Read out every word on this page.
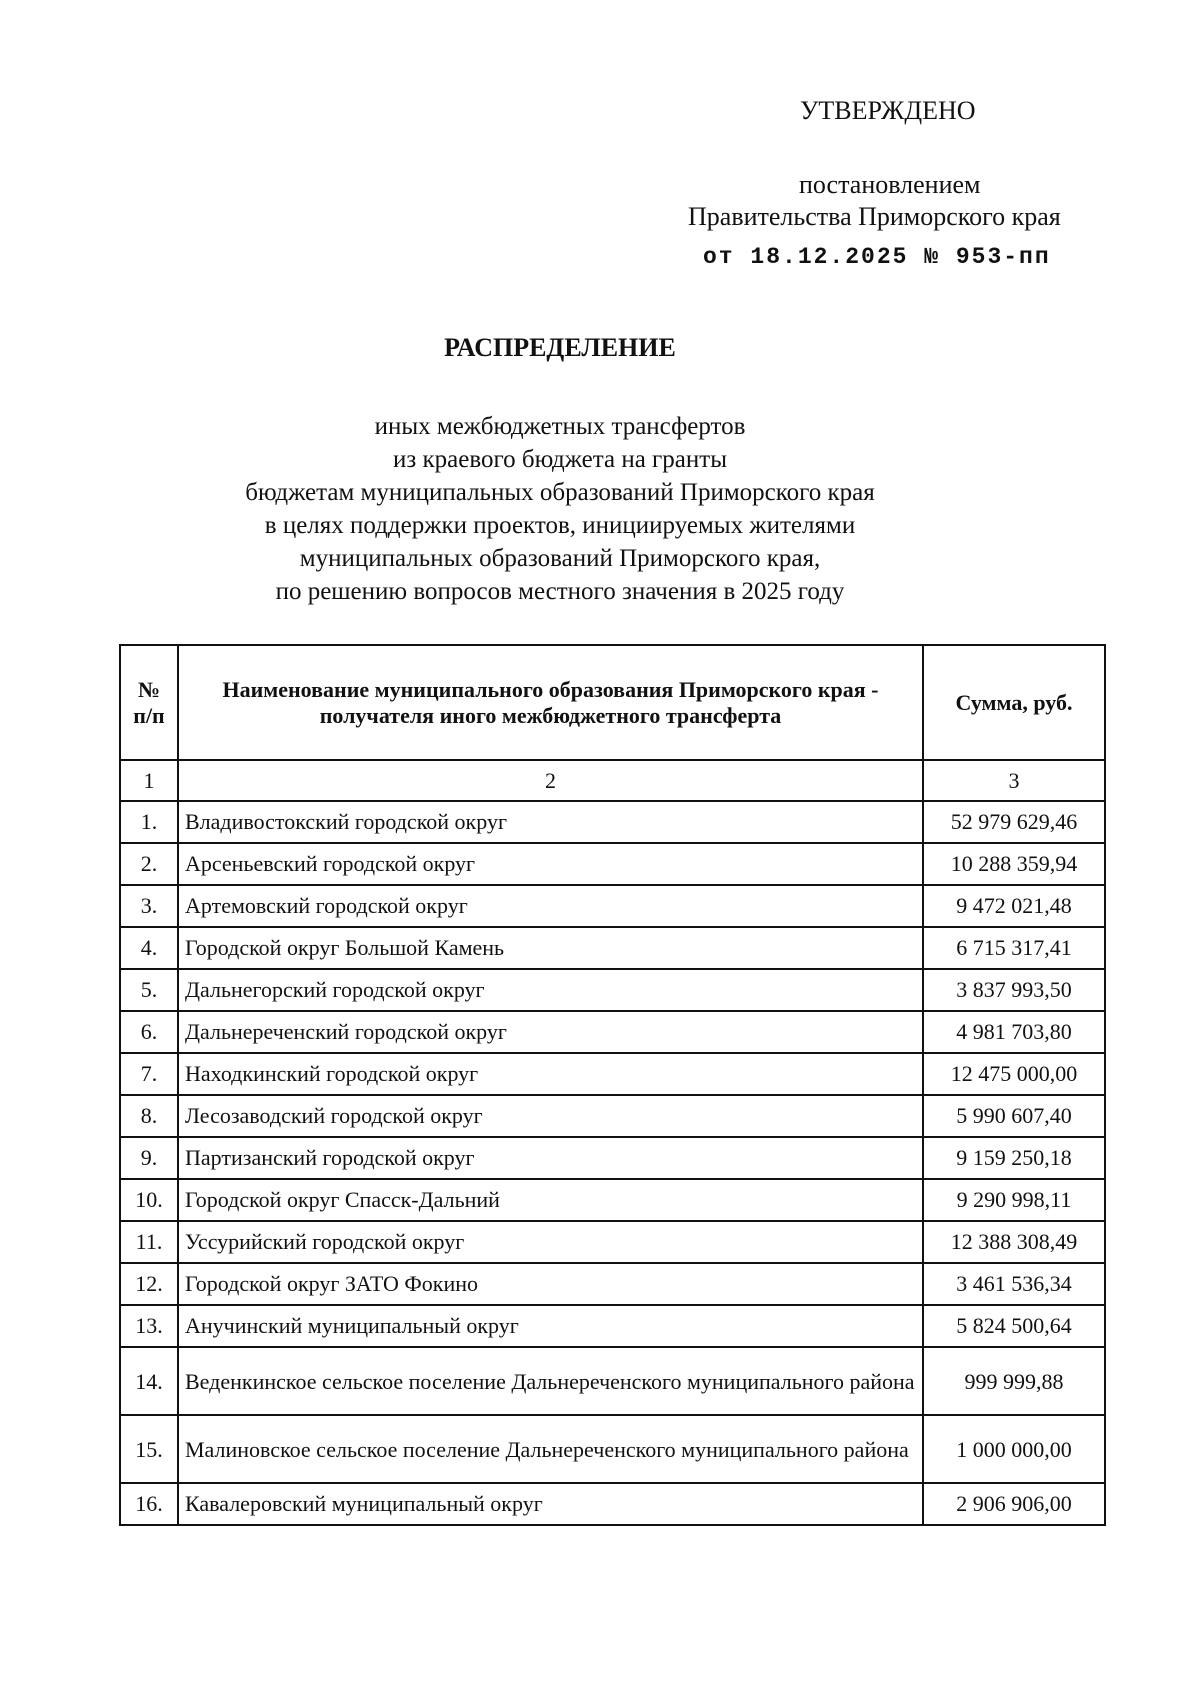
УТВЕРЖДЕНО
постановлением
Правительства Приморского края
от 18.12.2025 № 953-пп
РАСПРЕДЕЛЕНИЕ
иных межбюджетных трансфертов
из краевого бюджета на гранты
бюджетам муниципальных образований Приморского края
в целях поддержки проектов, инициируемых жителями
муниципальных образований Приморского края,
по решению вопросов местного значения в 2025 году
№ п/п	Наименование муниципального образования Приморского края - получателя иного межбюджетного трансферта	Сумма, руб.
1	2	3
1.	Владивостокский городской округ	52 979 629,46
2.	Арсеньевский городской округ	10 288 359,94
3.	Артемовский городской округ	9 472 021,48
4.	Городской округ Большой Камень	6 715 317,41
5.	Дальнегорский городской округ	3 837 993,50
6.	Дальнереченский городской округ	4 981 703,80
7.	Находкинский городской округ	12 475 000,00
8.	Лесозаводский городской округ	5 990 607,40
9.	Партизанский городской округ	9 159 250,18
10.	Городской округ Спасск-Дальний	9 290 998,11
11.	Уссурийский городской округ	12 388 308,49
12.	Городской округ ЗАТО Фокино	3 461 536,34
13.	Анучинский муниципальный округ	5 824 500,64
14.	Веденкинское сельское поселение Дальнереченского муниципального района	999 999,88
15.	Малиновское сельское поселение Дальнереченского муниципального района	1 000 000,00
16.	Кавалеровский муниципальный округ	2 906 906,00
